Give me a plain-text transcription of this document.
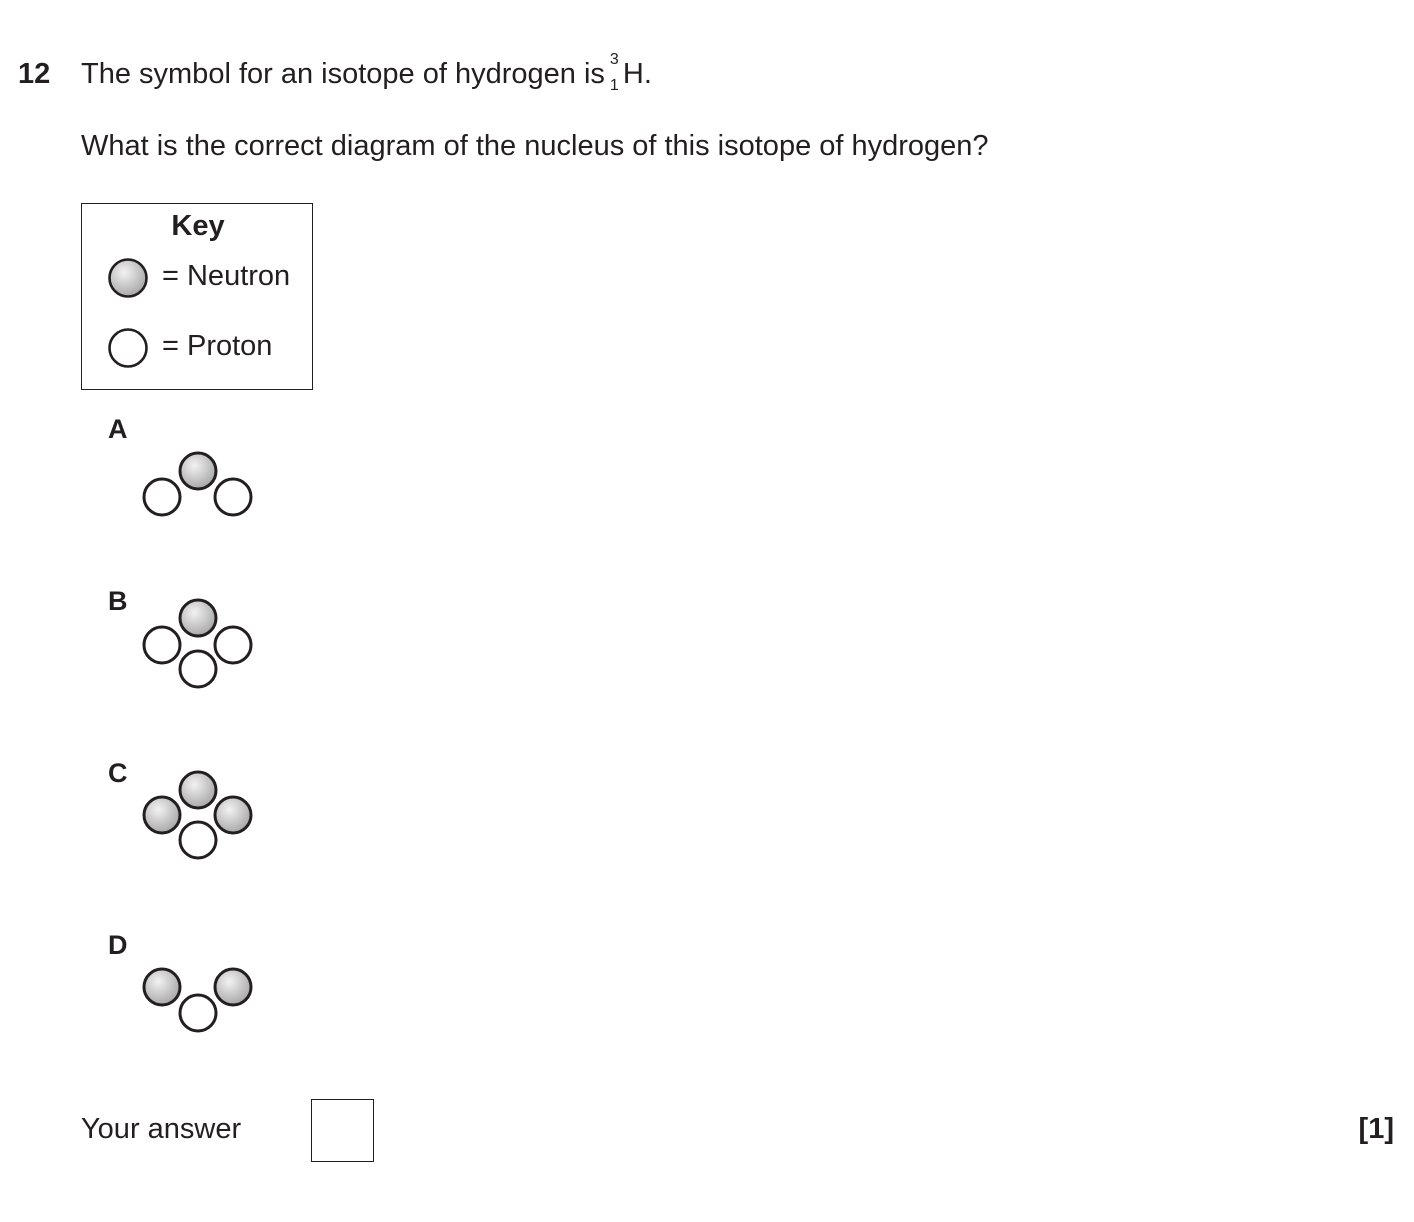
12 The symbol for an isotope of hydrogen is 3
1 H.
What is the correct diagram of the nucleus of this isotope of hydrogen?
Key
= Neutron
= Proton
A
B
C
D
Your answer	[1]
